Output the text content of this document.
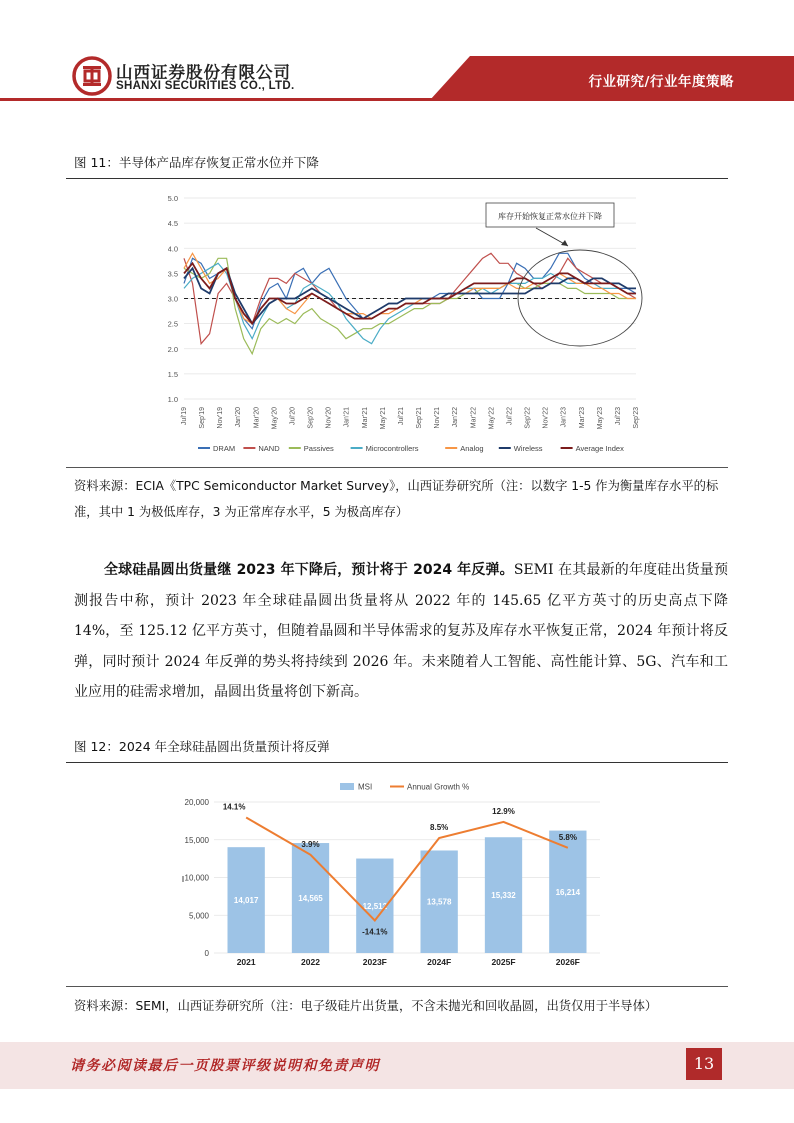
山西证券股份有限公司
SHANXI SECURITIES CO., LTD.	行业研究/行业年度策略
图 11：半导体产品库存恢复正常水位并下降
1.0
1.5
2.0
2.5
3.0
3.5
4.0
4.5
5.0
Jul'19 Sep'19 Nov'19 Jan'20 Mar'20 May'20 Jul'20 Sep'20 Nov'20 Jan'21 Mar'21 May'21 Jul'21 Sep'21 Nov'21 Jan'22 Mar'22 May'22 Jul'22 Sep'22 Nov'22 Jan'23 Mar'23 May'23 Jul'23 Sep'23
库存开始恢复正常水位并下降
DRAM	NAND	Passives	Microcontrollers	Analog	Wireless	Average Index
资料来源：ECIA《TPC Semiconductor Market Survey》，山西证券研究所（注：以数字 1-5 作为衡量库存水平的标准，其中 1 为极低库存，3 为正常库存水平，5 为极高库存）
全球硅晶圆出货量继 2023 年下降后，预计将于 2024 年反弹。SEMI 在其最新的年度硅出货量预测报告中称，预计 2023 年全球硅晶圆出货量将从 2022 年的 145.65 亿平方英寸的历史高点下降 14%，至 125.12 亿平方英寸，但随着晶圆和半导体需求的复苏及库存水平恢复正常，2024 年预计将反弹，同时预计 2024 年反弹的势头将持续到 2026 年。未来随着人工智能、高性能计算、5G、汽车和工业应用的硅需求增加，晶圆出货量将创下新高。
图 12：2024 年全球硅晶圆出货量预计将反弹
0
5,000
10,000
15,000
20,000
14,017
2021
14,565
2022
12,512
2023F
13,578
2024F
15,332
2025F
16,214
2026F
14.1%
3.9%
-14.1%
8.5%
12.9%
5.8%
MSI	Annual Growth %
资料来源：SEMI，山西证券研究所（注：电子级硅片出货量，不含未抛光和回收晶圆，出货仅用于半导体）
请务必阅读最后一页股票评级说明和免责声明	13
